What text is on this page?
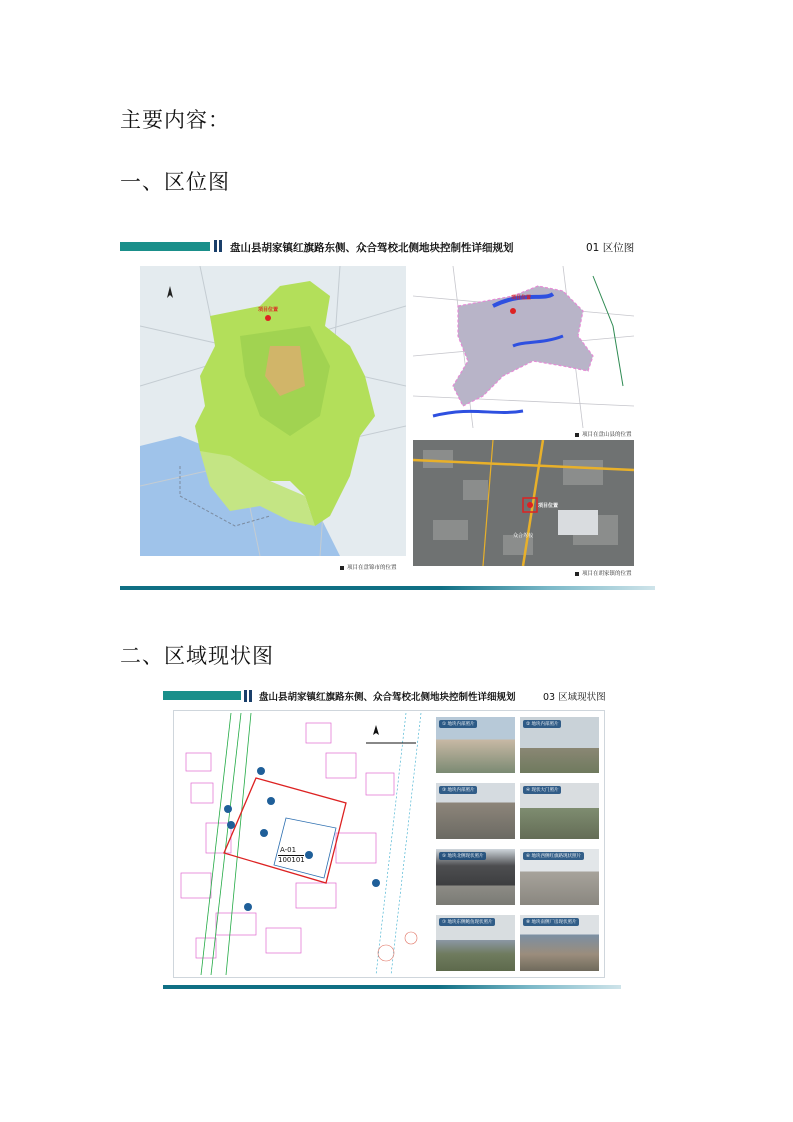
主要内容：
一、区位图
二、区域现状图
盘山县胡家镇红旗路东侧、众合驾校北侧地块控制性详细规划	01 区位图
项目位置
项目在盘锦市的位置
项目位置
项目在盘山县的位置
项目位置
众合驾校
项目在胡家镇的位置
盘山县胡家镇红旗路东侧、众合驾校北侧地块控制性详细规划	03 区域现状图
A-01
100101
① 地块内部照片	② 地块内部照片
③ 地块内部照片	④ 现状大门照片
⑤ 地块北侧现状照片	⑥ 地块西侧红旗路现状照片
⑦ 地块东侧鲍鱼现状照片	⑧ 地块南侧厂房现状照片
